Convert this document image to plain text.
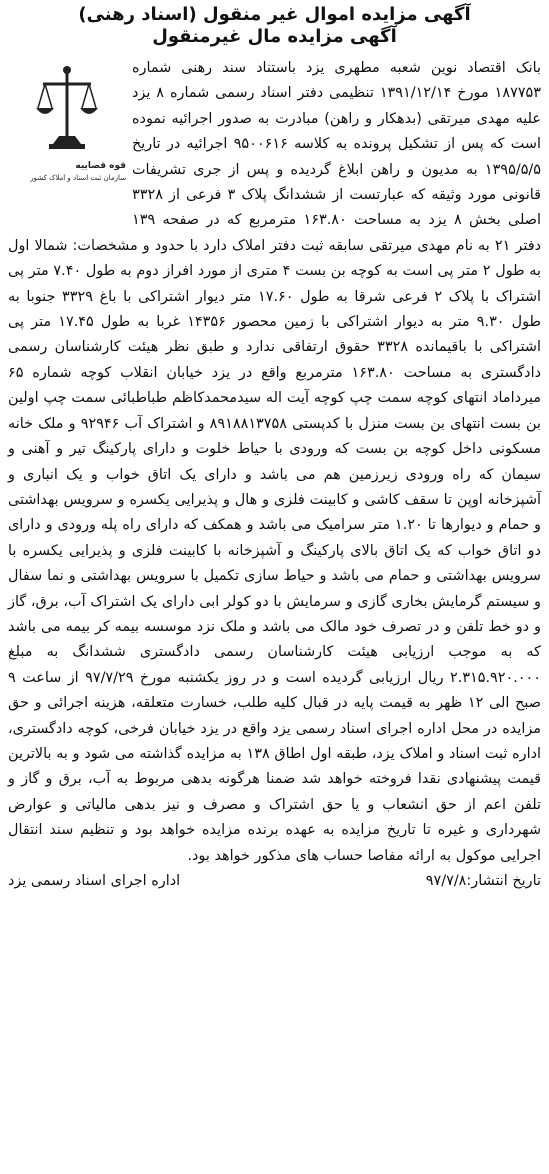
آگهی مزایده اموال غیر منقول (اسناد رهنی)
آگهی مزایده مال غیرمنقول
قوه قضاییه
سازمان ثبت اسناد و املاک کشور

بانک اقتصاد نوین شعبه مطهری یزد باستناد سند رهنی شماره ۱۸۷۷۵۳ مورخ ۱۳۹۱/۱۲/۱۴ تنظیمی دفتر اسناد رسمی شماره ۸ یزد علیه مهدی میرتقی (بدهکار و راهن) مبادرت به صدور اجرائیه نموده است که پس از تشکیل پرونده به کلاسه ۹۵۰۰۶۱۶ اجرائیه در تاریخ ۱۳۹۵/۵/۵ به مدیون و راهن ابلاغ گردیده و پس از جری تشریفات قانونی مورد وثیقه که عبارتست از ششدانگ پلاک ۳ فرعی از ۳۳۲۸ اصلی بخش ۸ یزد به مساحت ۱۶۳.۸۰ مترمربع که در صفحه ۱۳۹ دفتر ۲۱ به نام مهدی میرتقی سابقه ثبت دفتر املاک دارد با حدود و مشخصات: شمالا اول به طول ۲ متر پی است به کوچه بن بست ۴ متری از مورد افراز دوم به طول ۷.۴۰ متر پی اشتراک با پلاک ۲ فرعی شرقا به طول ۱۷.۶۰ متر دیوار اشتراکی با باغ ۳۳۲۹ جنوبا به طول ۹.۳۰ متر به دیوار اشتراکی با زمین محصور ۱۴۳۵۶ غربا به طول ۱۷.۴۵ متر پی اشتراکی با باقیمانده ۳۳۲۸ حقوق ارتفاقی ندارد و طبق نظر هیئت کارشناسان رسمی دادگستری به مساحت ۱۶۳.۸۰ مترمربع واقع در یزد خیابان انقلاب کوچه شماره ۶۵ میرداماد انتهای کوچه سمت چپ کوچه آیت اله سیدمحمدکاظم طباطبائی سمت چپ اولین بن بست انتهای بن بست منزل با کدپستی ۸۹۱۸۸۱۳۷۵۸ و اشتراک آب ۹۲۹۴۶ و ملک خانه مسکونی داخل کوچه بن بست که ورودی با حیاط خلوت و دارای پارکینگ تیر و آهنی و سیمان که راه ورودی زیرزمین هم می باشد و دارای یک اتاق خواب و یک انباری و آشپزخانه اوپن تا سقف کاشی و کابینت فلزی و هال و پذیرایی یکسره و سرویس بهداشتی و حمام و دیوارها تا ۱.۲۰ متر سرامیک می باشد و همکف که دارای راه پله ورودی و دارای دو اتاق خواب که یک اتاق بالای پارکینگ و آشپزخانه با کابینت فلزی و پذیرایی یکسره با سرویس بهداشتی و حمام می باشد و حیاط سازی تکمیل با سرویس بهداشتی و نما سفال و سیستم گرمایش بخاری گازی و سرمایش با دو کولر ابی دارای یک اشتراک آب، برق، گاز و دو خط تلفن و در تصرف خود مالک می باشد و ملک نزد موسسه بیمه کر بیمه می باشد که به موجب ارزیابی هیئت کارشناسان رسمی دادگستری ششدانگ به مبلغ ۲.۳۱۵.۹۲۰.۰۰۰ ریال ارزیابی گردیده است و در روز یکشنبه مورخ ۹۷/۷/۲۹ از ساعت ۹ صبح الی ۱۲ ظهر به قیمت پایه در قبال کلیه طلب، خسارت متعلقه، هزینه اجرائی و حق مزایده در محل اداره اجرای اسناد رسمی یزد واقع در یزد خیابان فرخی، کوچه دادگستری، اداره ثبت اسناد و املاک یزد، طبقه اول اطاق ۱۳۸ به مزایده گذاشته می شود و به بالاترین قیمت پیشنهادی نقدا فروخته خواهد شد ضمنا هرگونه بدهی مربوط به آب، برق و گاز و تلفن اعم از حق انشعاب و یا حق اشتراک و مصرف و نیز بدهی مالیاتی و عوارض شهرداری و غیره تا تاریخ مزایده به عهده برنده مزایده خواهد بود و تنظیم سند انتقال اجرایی موکول به ارائه مفاصا حساب های مذکور خواهد بود.

تاریخ انتشار:۹۷/۷/۸
اداره اجرای اسناد رسمی یزد
